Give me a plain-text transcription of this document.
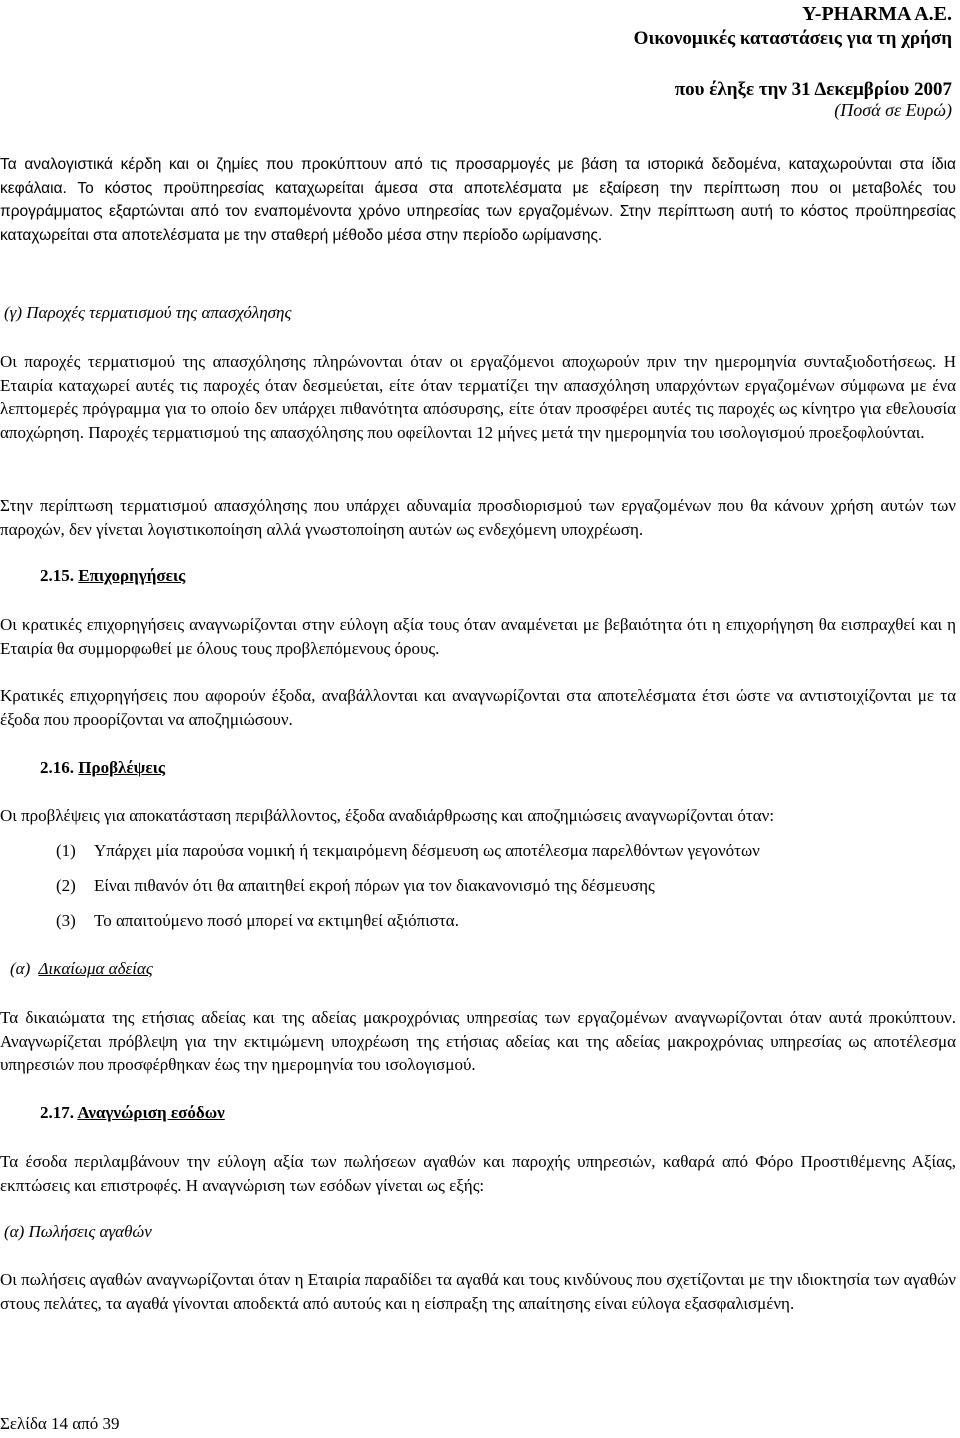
Y-PHARMA A.E.
Οικονομικές καταστάσεις για τη χρήση
που έληξε την 31 Δεκεμβρίου 2007
(Ποσά σε Ευρώ)
Τα αναλογιστικά κέρδη και οι ζημίες που προκύπτουν από τις προσαρμογές με βάση τα ιστορικά δεδομένα, καταχωρούνται στα ίδια κεφάλαια. Το κόστος προϋπηρεσίας καταχωρείται άμεσα στα αποτελέσματα με εξαίρεση την περίπτωση που οι μεταβολές του προγράμματος εξαρτώνται από τον εναπομένοντα χρόνο υπηρεσίας των εργαζομένων. Στην περίπτωση αυτή το κόστος προϋπηρεσίας καταχωρείται στα αποτελέσματα με την σταθερή μέθοδο μέσα στην περίοδο ωρίμανσης.
(γ) Παροχές τερματισμού της απασχόλησης
Οι παροχές τερματισμού της απασχόλησης πληρώνονται όταν οι εργαζόμενοι αποχωρούν πριν την ημερομηνία συνταξιοδοτήσεως. Η Εταιρία καταχωρεί αυτές τις παροχές όταν δεσμεύεται, είτε όταν τερματίζει την απασχόληση υπαρχόντων εργαζομένων σύμφωνα με ένα λεπτομερές πρόγραμμα για το οποίο δεν υπάρχει πιθανότητα απόσυρσης, είτε όταν προσφέρει αυτές τις παροχές ως κίνητρο για εθελουσία αποχώρηση. Παροχές τερματισμού της απασχόλησης που οφείλονται 12 μήνες μετά την ημερομηνία του ισολογισμού προεξοφλούνται.
Στην περίπτωση τερματισμού απασχόλησης που υπάρχει αδυναμία προσδιορισμού των εργαζομένων που θα κάνουν χρήση αυτών των παροχών, δεν γίνεται λογιστικοποίηση αλλά γνωστοποίηση αυτών ως ενδεχόμενη υποχρέωση.
2.15. Επιχορηγήσεις
Οι κρατικές επιχορηγήσεις αναγνωρίζονται στην εύλογη αξία τους όταν αναμένεται με βεβαιότητα ότι η επιχορήγηση θα εισπραχθεί και η Εταιρία θα συμμορφωθεί με όλους τους προβλεπόμενους όρους.
Κρατικές επιχορηγήσεις που αφορούν έξοδα, αναβάλλονται και αναγνωρίζονται στα αποτελέσματα έτσι ώστε να αντιστοιχίζονται με τα έξοδα που προορίζονται να αποζημιώσουν.
2.16. Προβλέψεις
Οι προβλέψεις για αποκατάσταση περιβάλλοντος, έξοδα αναδιάρθρωσης και αποζημιώσεις αναγνωρίζονται όταν:
(1) Υπάρχει μία παρούσα νομική ή τεκμαιρόμενη δέσμευση ως αποτέλεσμα παρελθόντων γεγονότων
(2) Είναι πιθανόν ότι θα απαιτηθεί εκροή πόρων για τον διακανονισμό της δέσμευσης
(3) Το απαιτούμενο ποσό μπορεί να εκτιμηθεί αξιόπιστα.
(α) Δικαίωμα αδείας
Τα δικαιώματα της ετήσιας αδείας και της αδείας μακροχρόνιας υπηρεσίας των εργαζομένων αναγνωρίζονται όταν αυτά προκύπτουν. Αναγνωρίζεται πρόβλεψη για την εκτιμώμενη υποχρέωση της ετήσιας αδείας και της αδείας μακροχρόνιας υπηρεσίας ως αποτέλεσμα υπηρεσιών που προσφέρθηκαν έως την ημερομηνία του ισολογισμού.
2.17. Αναγνώριση εσόδων
Τα έσοδα περιλαμβάνουν την εύλογη αξία των πωλήσεων αγαθών και παροχής υπηρεσιών, καθαρά από Φόρο Προστιθέμενης Αξίας, εκπτώσεις και επιστροφές. Η αναγνώριση των εσόδων γίνεται ως εξής:
(α) Πωλήσεις αγαθών
Οι πωλήσεις αγαθών αναγνωρίζονται όταν η Εταιρία παραδίδει τα αγαθά και τους κινδύνους που σχετίζονται με την ιδιοκτησία των αγαθών στους πελάτες, τα αγαθά γίνονται αποδεκτά από αυτούς και η είσπραξη της απαίτησης είναι εύλογα εξασφαλισμένη.
Σελίδα 14 από 39
